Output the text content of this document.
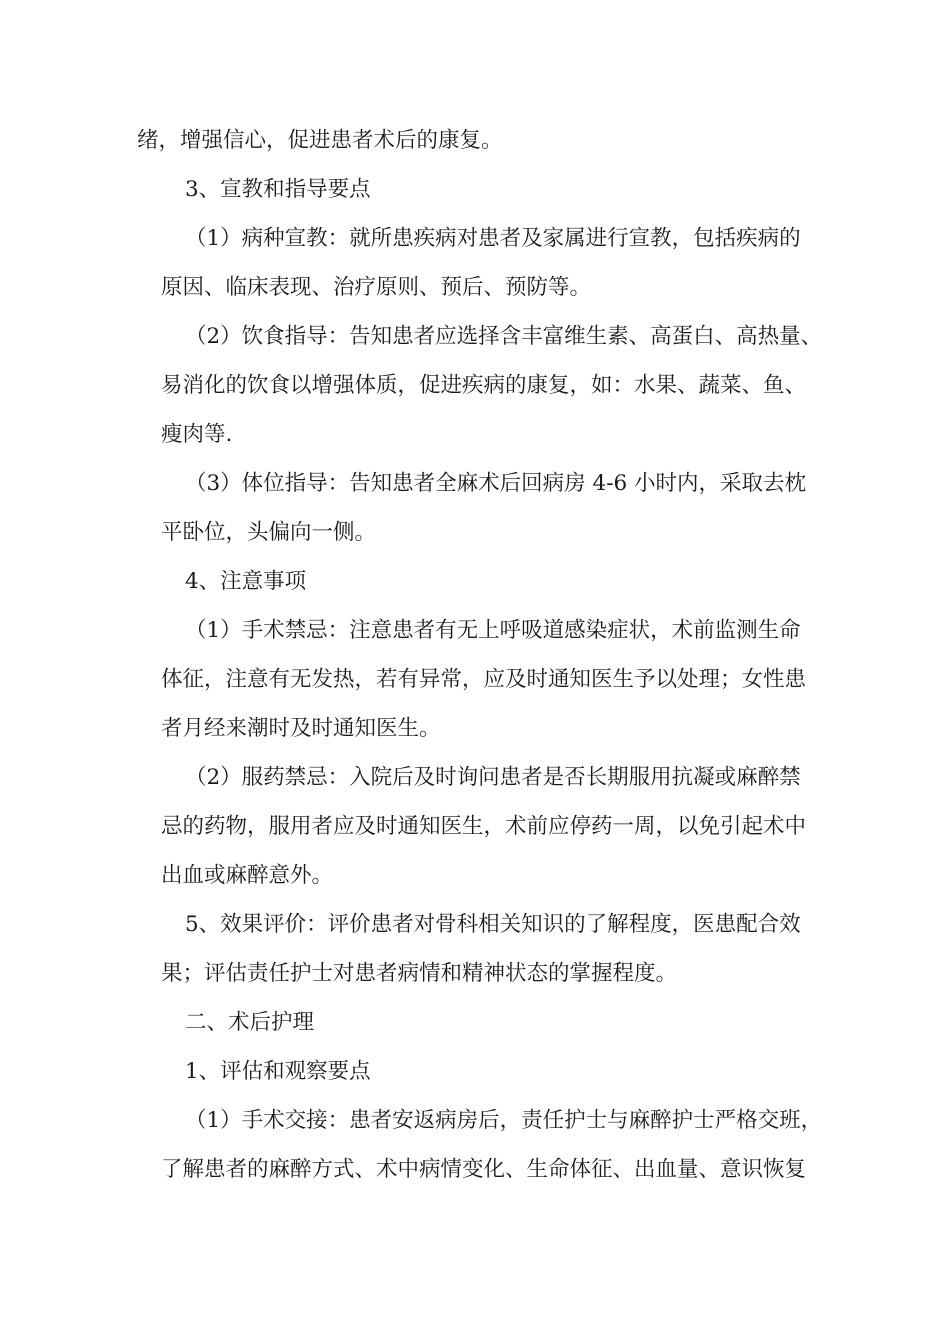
绪，增强信心，促进患者术后的康复。
3、宣教和指导要点
（1）病种宣教：就所患疾病对患者及家属进行宣教，包括疾病的
原因、临床表现、治疗原则、预后、预防等。
（2）饮食指导：告知患者应选择含丰富维生素、高蛋白、高热量、
易消化的饮食以增强体质，促进疾病的康复，如：水果、蔬菜、鱼、
瘦肉等.
（3）体位指导：告知患者全麻术后回病房 4-6 小时内，采取去枕
平卧位，头偏向一侧。
4、注意事项
（1）手术禁忌：注意患者有无上呼吸道感染症状，术前监测生命
体征，注意有无发热，若有异常，应及时通知医生予以处理；女性患
者月经来潮时及时通知医生。
（2）服药禁忌：入院后及时询问患者是否长期服用抗凝或麻醉禁
忌的药物，服用者应及时通知医生，术前应停药一周，以免引起术中
出血或麻醉意外。
5、效果评价：评价患者对骨科相关知识的了解程度，医患配合效
果；评估责任护士对患者病情和精神状态的掌握程度。
二、术后护理
1、评估和观察要点
（1）手术交接：患者安返病房后，责任护士与麻醉护士严格交班，
了解患者的麻醉方式、术中病情变化、生命体征、出血量、意识恢复
